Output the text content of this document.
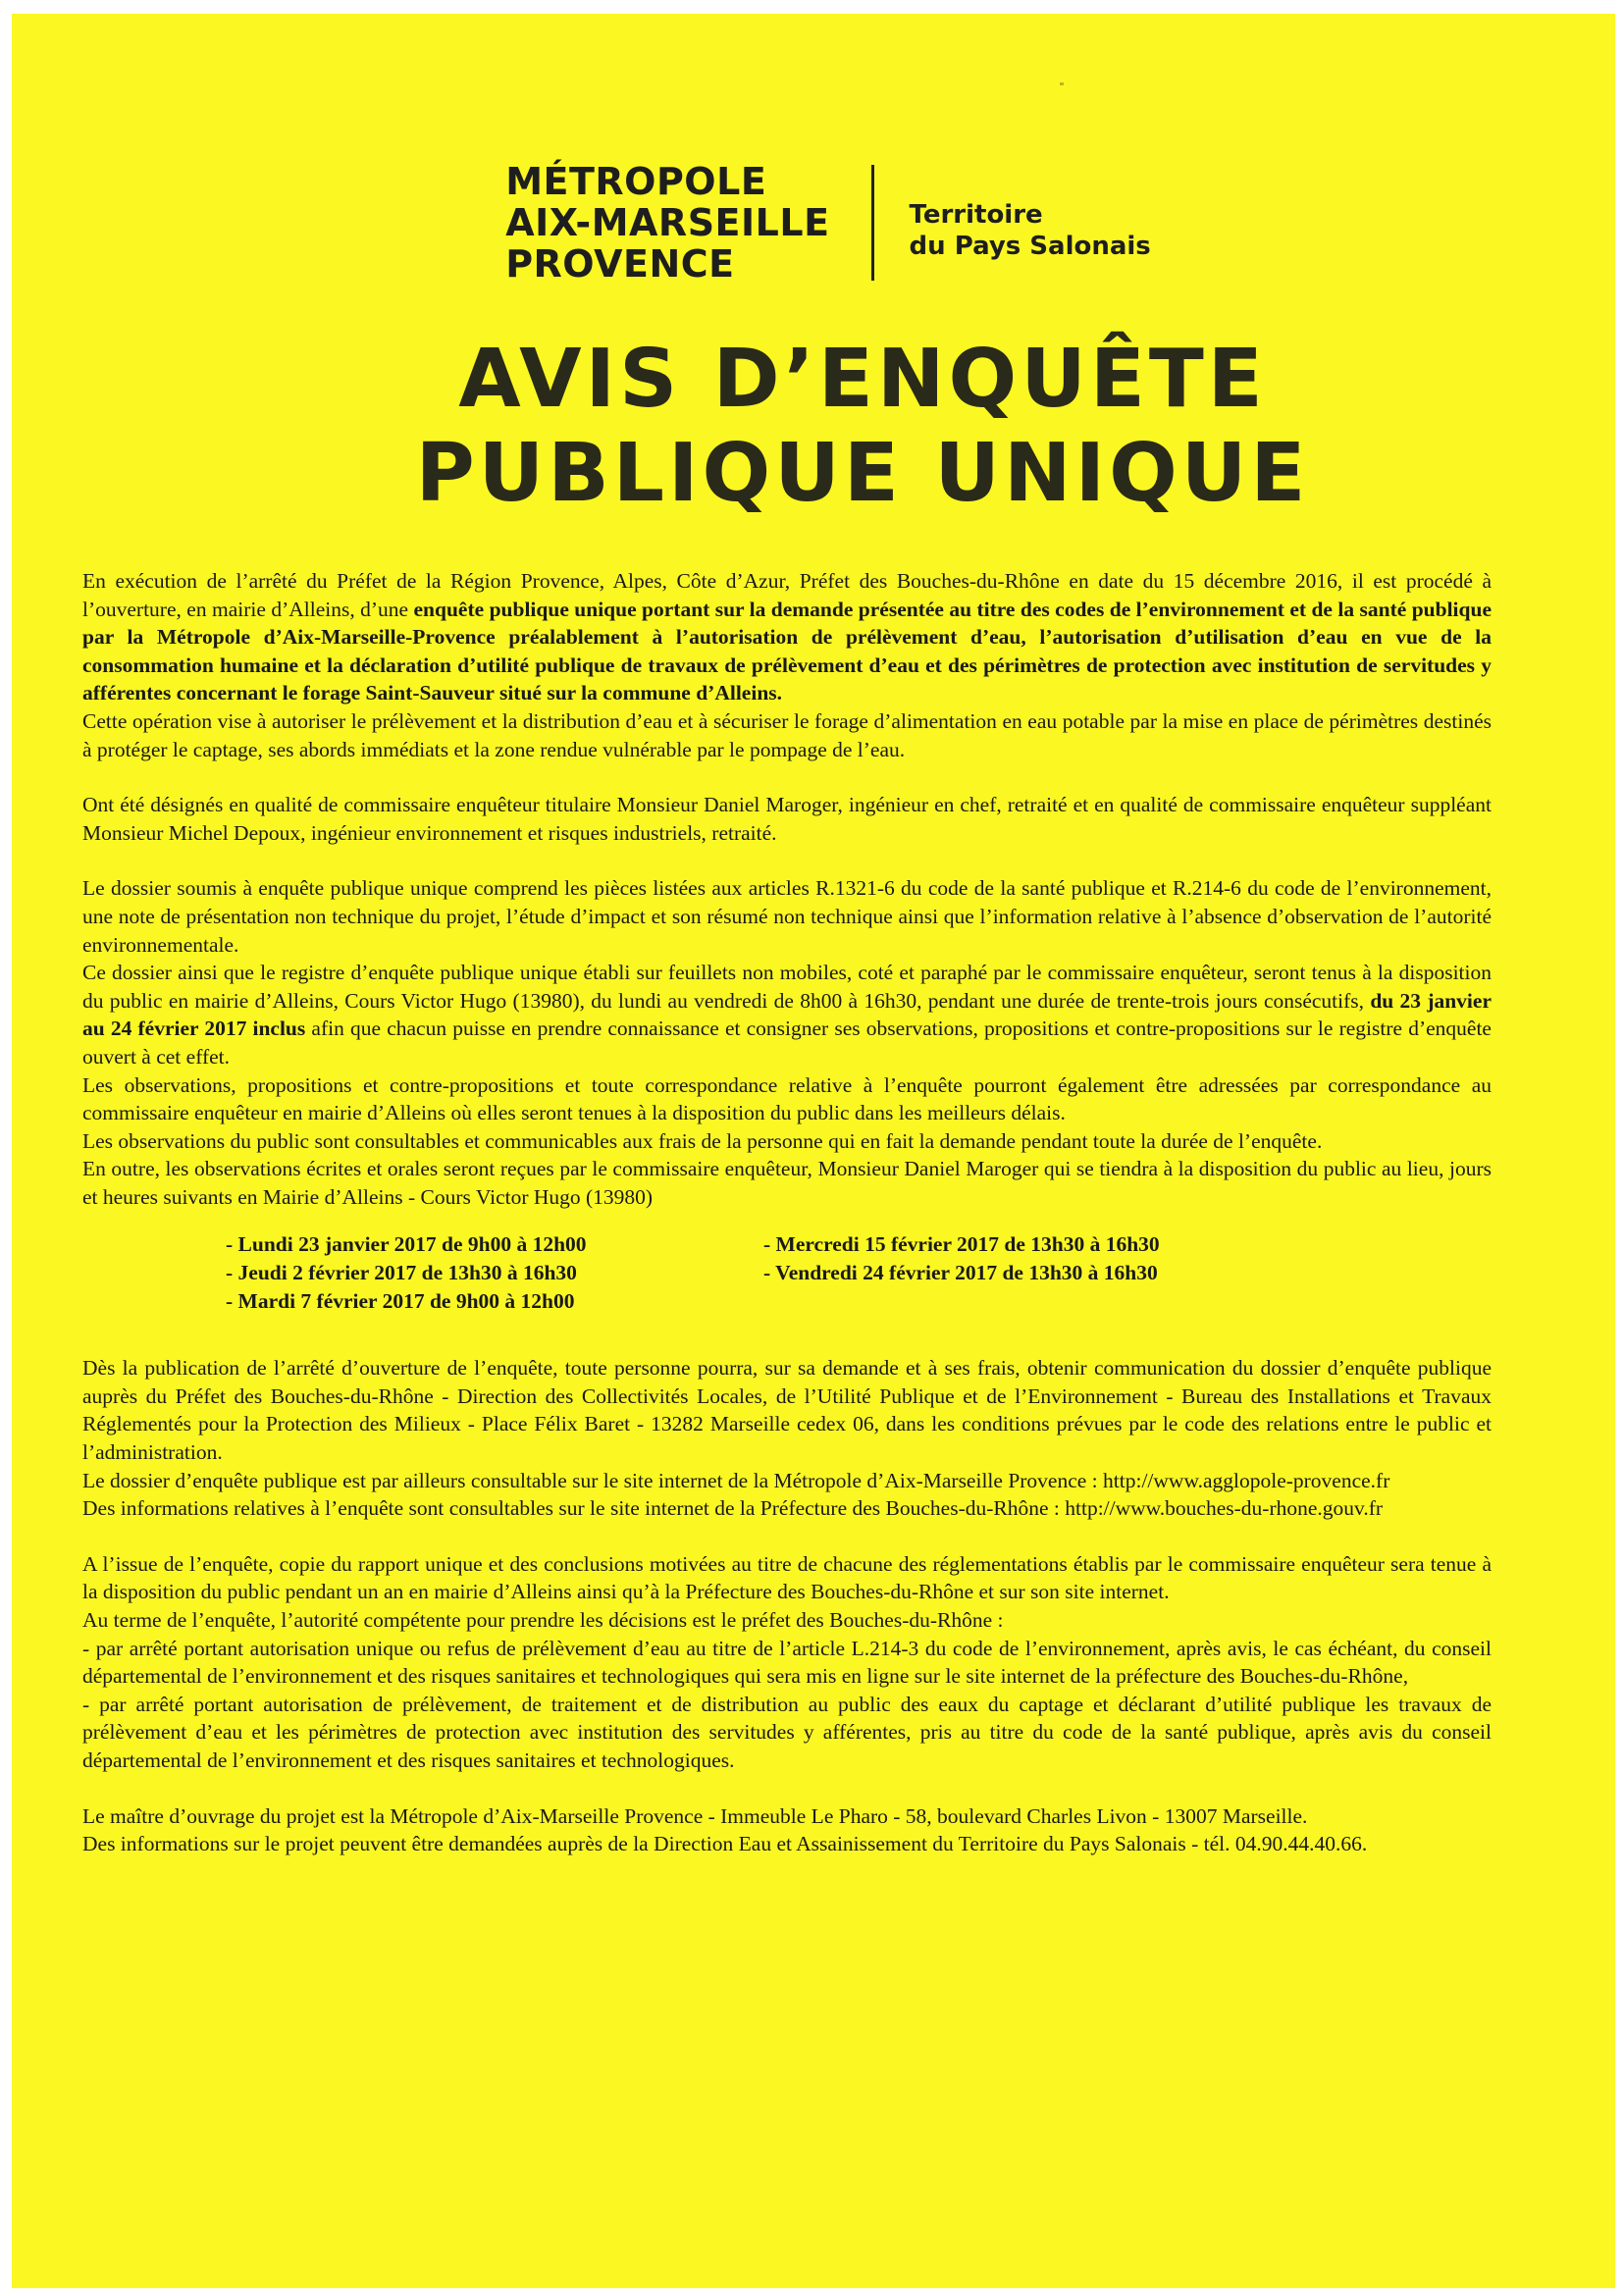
MÉTROPOLE
AIX-MARSEILLE
PROVENCE
Territoire
du Pays Salonais
AVIS D’ENQUÊTE
PUBLIQUE UNIQUE

En exécution de l’arrêté du Préfet de la Région Provence, Alpes, Côte d’Azur, Préfet des Bouches-du-Rhône en date du 15 décembre 2016, il est procédé à l’ouverture, en mairie d’Alleins, d’une enquête publique unique portant sur la demande présentée au titre des codes de l’environnement et de la santé publique par la Métropole d’Aix-Marseille-Provence préalablement à l’autorisation de prélèvement d’eau, l’autorisation d’utilisation d’eau en vue de la consommation humaine et la déclaration d’utilité publique de travaux de prélèvement d’eau et des périmètres de protection avec institution de servitudes y afférentes concernant le forage Saint-Sauveur situé sur la commune d’Alleins.

Cette opération vise à autoriser le prélèvement et la distribution d’eau et à sécuriser le forage d’alimentation en eau potable par la mise en place de périmètres destinés à protéger le captage, ses abords immédiats et la zone rendue vulnérable par le pompage de l’eau.

Ont été désignés en qualité de commissaire enquêteur titulaire Monsieur Daniel Maroger, ingénieur en chef, retraité et en qualité de commissaire enquêteur suppléant Monsieur Michel Depoux, ingénieur environnement et risques industriels, retraité.

Le dossier soumis à enquête publique unique comprend les pièces listées aux articles R.1321-6 du code de la santé publique et R.214-6 du code de l’environnement, une note de présentation non technique du projet, l’étude d’impact et son résumé non technique ainsi que l’information relative à l’absence d’observation de l’autorité environnementale.

Ce dossier ainsi que le registre d’enquête publique unique établi sur feuillets non mobiles, coté et paraphé par le commissaire enquêteur, seront tenus à la disposition du public en mairie d’Alleins, Cours Victor Hugo (13980), du lundi au vendredi de 8h00 à 16h30, pendant une durée de trente-trois jours consécutifs, du 23 janvier au 24 février 2017 inclus afin que chacun puisse en prendre connaissance et consigner ses observations, propositions et contre-propositions sur le registre d’enquête ouvert à cet effet.

Les observations, propositions et contre-propositions et toute correspondance relative à l’enquête pourront également être adressées par correspondance au commissaire enquêteur en mairie d’Alleins où elles seront tenues à la disposition du public dans les meilleurs délais.

Les observations du public sont consultables et communicables aux frais de la personne qui en fait la demande pendant toute la durée de l’enquête.

En outre, les observations écrites et orales seront reçues par le commissaire enquêteur, Monsieur Daniel Maroger qui se tiendra à la disposition du public au lieu, jours et heures suivants en Mairie d’Alleins - Cours Victor Hugo (13980)

- Lundi 23 janvier 2017 de 9h00 à 12h00
- Jeudi 2 février 2017 de 13h30 à 16h30
- Mardi 7 février 2017 de 9h00 à 12h00
- Mercredi 15 février 2017 de 13h30 à 16h30
- Vendredi 24 février 2017 de 13h30 à 16h30

Dès la publication de l’arrêté d’ouverture de l’enquête, toute personne pourra, sur sa demande et à ses frais, obtenir communication du dossier d’enquête publique auprès du Préfet des Bouches-du-Rhône - Direction des Collectivités Locales, de l’Utilité Publique et de l’Environnement - Bureau des Installations et Travaux Réglementés pour la Protection des Milieux - Place Félix Baret - 13282 Marseille cedex 06, dans les conditions prévues par le code des relations entre le public et l’administration.

Le dossier d’enquête publique est par ailleurs consultable sur le site internet de la Métropole d’Aix-Marseille Provence : http://www.agglopole-provence.fr

Des informations relatives à l’enquête sont consultables sur le site internet de la Préfecture des Bouches-du-Rhône : http://www.bouches-du-rhone.gouv.fr

A l’issue de l’enquête, copie du rapport unique et des conclusions motivées au titre de chacune des réglementations établis par le commissaire enquêteur sera tenue à la disposition du public pendant un an en mairie d’Alleins ainsi qu’à la Préfecture des Bouches-du-Rhône et sur son site internet.

Au terme de l’enquête, l’autorité compétente pour prendre les décisions est le préfet des Bouches-du-Rhône :

- par arrêté portant autorisation unique ou refus de prélèvement d’eau au titre de l’article L.214-3 du code de l’environnement, après avis, le cas échéant, du conseil départemental de l’environnement et des risques sanitaires et technologiques qui sera mis en ligne sur le site internet de la préfecture des Bouches-du-Rhône,

- par arrêté portant autorisation de prélèvement, de traitement et de distribution au public des eaux du captage et déclarant d’utilité publique les travaux de prélèvement d’eau et les périmètres de protection avec institution des servitudes y afférentes, pris au titre du code de la santé publique, après avis du conseil départemental de l’environnement et des risques sanitaires et technologiques.

Le maître d’ouvrage du projet est la Métropole d’Aix-Marseille Provence - Immeuble Le Pharo - 58, boulevard Charles Livon - 13007 Marseille.

Des informations sur le projet peuvent être demandées auprès de la Direction Eau et Assainissement du Territoire du Pays Salonais - tél. 04.90.44.40.66.
